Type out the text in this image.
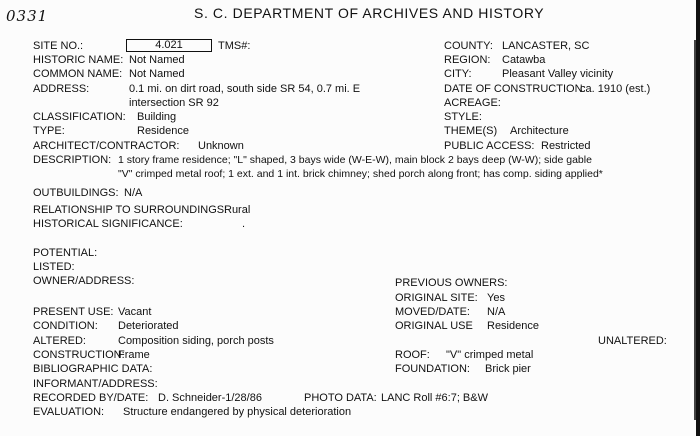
0331	S. C. DEPARTMENT OF ARCHIVES AND HISTORY
SITE NO.:	4.021	TMS#:
HISTORIC NAME: Not Named
COMMON NAME: Not Named
ADDRESS:	0.1 mi. on dirt road, south side SR 54, 0.7 mi. E
intersection SR 92
CLASSIFICATION: Building
TYPE:	Residence
ARCHITECT/CONTRACTOR: Unknown
COUNTY: LANCASTER, SC
REGION: Catawba
CITY:	Pleasant Valley vicinity
DATE OF CONSTRUCTION:
ca. 1910 (est.)
ACREAGE:
STYLE:
THEME(S) Architecture
PUBLIC ACCESS: Restricted
DESCRIPTION: 1 story frame residence; "L" shaped, 3 bays wide (W-E-W), main block 2 bays deep (W-W); side gable
"V" crimped metal roof; 1 ext. and 1 int. brick chimney; shed porch along front; has comp. siding applied*
OUTBUILDINGS: N/A
RELATIONSHIP TO SURROUNDINGS:
Rural
HISTORICAL SIGNIFICANCE:	.
POTENTIAL:
LISTED:
OWNER/ADDRESS:	PREVIOUS OWNERS:
ORIGINAL SITE: Yes
MOVED/DATE: N/A
ORIGINAL USE Residence
PRESENT USE: Vacant
CONDITION: Deteriorated
ALTERED:	Composition siding, porch posts	UNALTERED:
CONSTRUCTION:
Frame	ROOF: "V" crimped metal
BIBLIOGRAPHIC DATA:	FOUNDATION: Brick pier
INFORMANT/ADDRESS:
RECORDED BY/DATE: D. Schneider-1/28/86	PHOTO DATA: LANC Roll #6:7; B&W
EVALUATION: Structure endangered by physical deterioration
